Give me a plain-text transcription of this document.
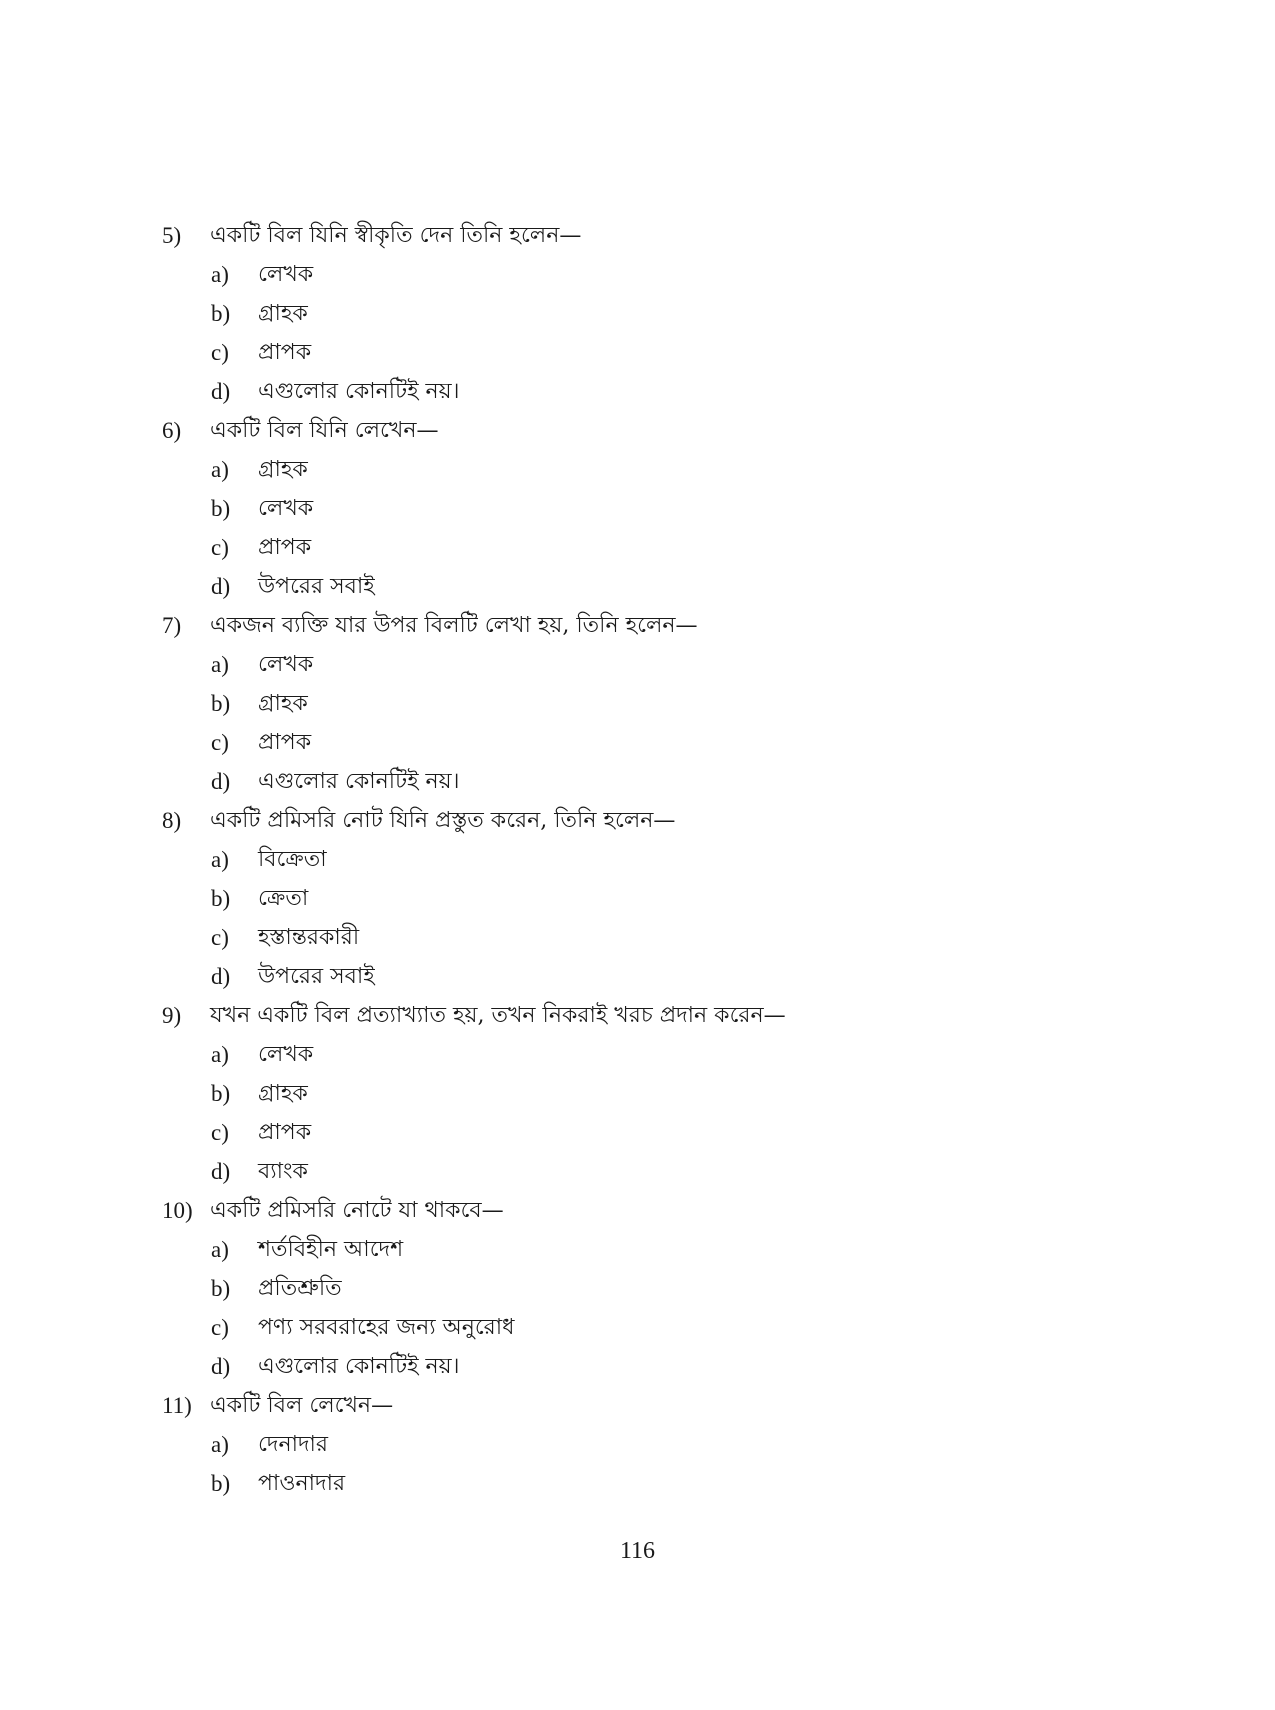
5)	একটি বিল যিনি স্বীকৃতি দেন তিনি হলেন—
a)	লেখক
b)	গ্রাহক
c)	প্রাপক
d)	এগুলোর কোনটিই নয়।
6)	একটি বিল যিনি লেখেন—
a)	গ্রাহক
b)	লেখক
c)	প্রাপক
d)	উপরের সবাই
7)	একজন ব্যক্তি যার উপর বিলটি লেখা হয়, তিনি হলেন—
a)	লেখক
b)	গ্রাহক
c)	প্রাপক
d)	এগুলোর কোনটিই নয়।
8)	একটি প্রমিসরি নোট যিনি প্রস্তুত করেন, তিনি হলেন—
a)	বিক্রেতা
b)	ক্রেতা
c)	হস্তান্তরকারী
d)	উপরের সবাই
9)	যখন একটি বিল প্রত্যাখ্যাত হয়, তখন নিকরাই খরচ প্রদান করেন—
a)	লেখক
b)	গ্রাহক
c)	প্রাপক
d)	ব্যাংক
10) একটি প্রমিসরি নোটে যা থাকবে—
a)	শর্তবিহীন আদেশ
b)	প্রতিশ্রুতি
c)	পণ্য সরবরাহের জন্য অনুরোধ
d)	এগুলোর কোনটিই নয়।
11) একটি বিল লেখেন—
a)	দেনাদার
b)	পাওনাদার
116
